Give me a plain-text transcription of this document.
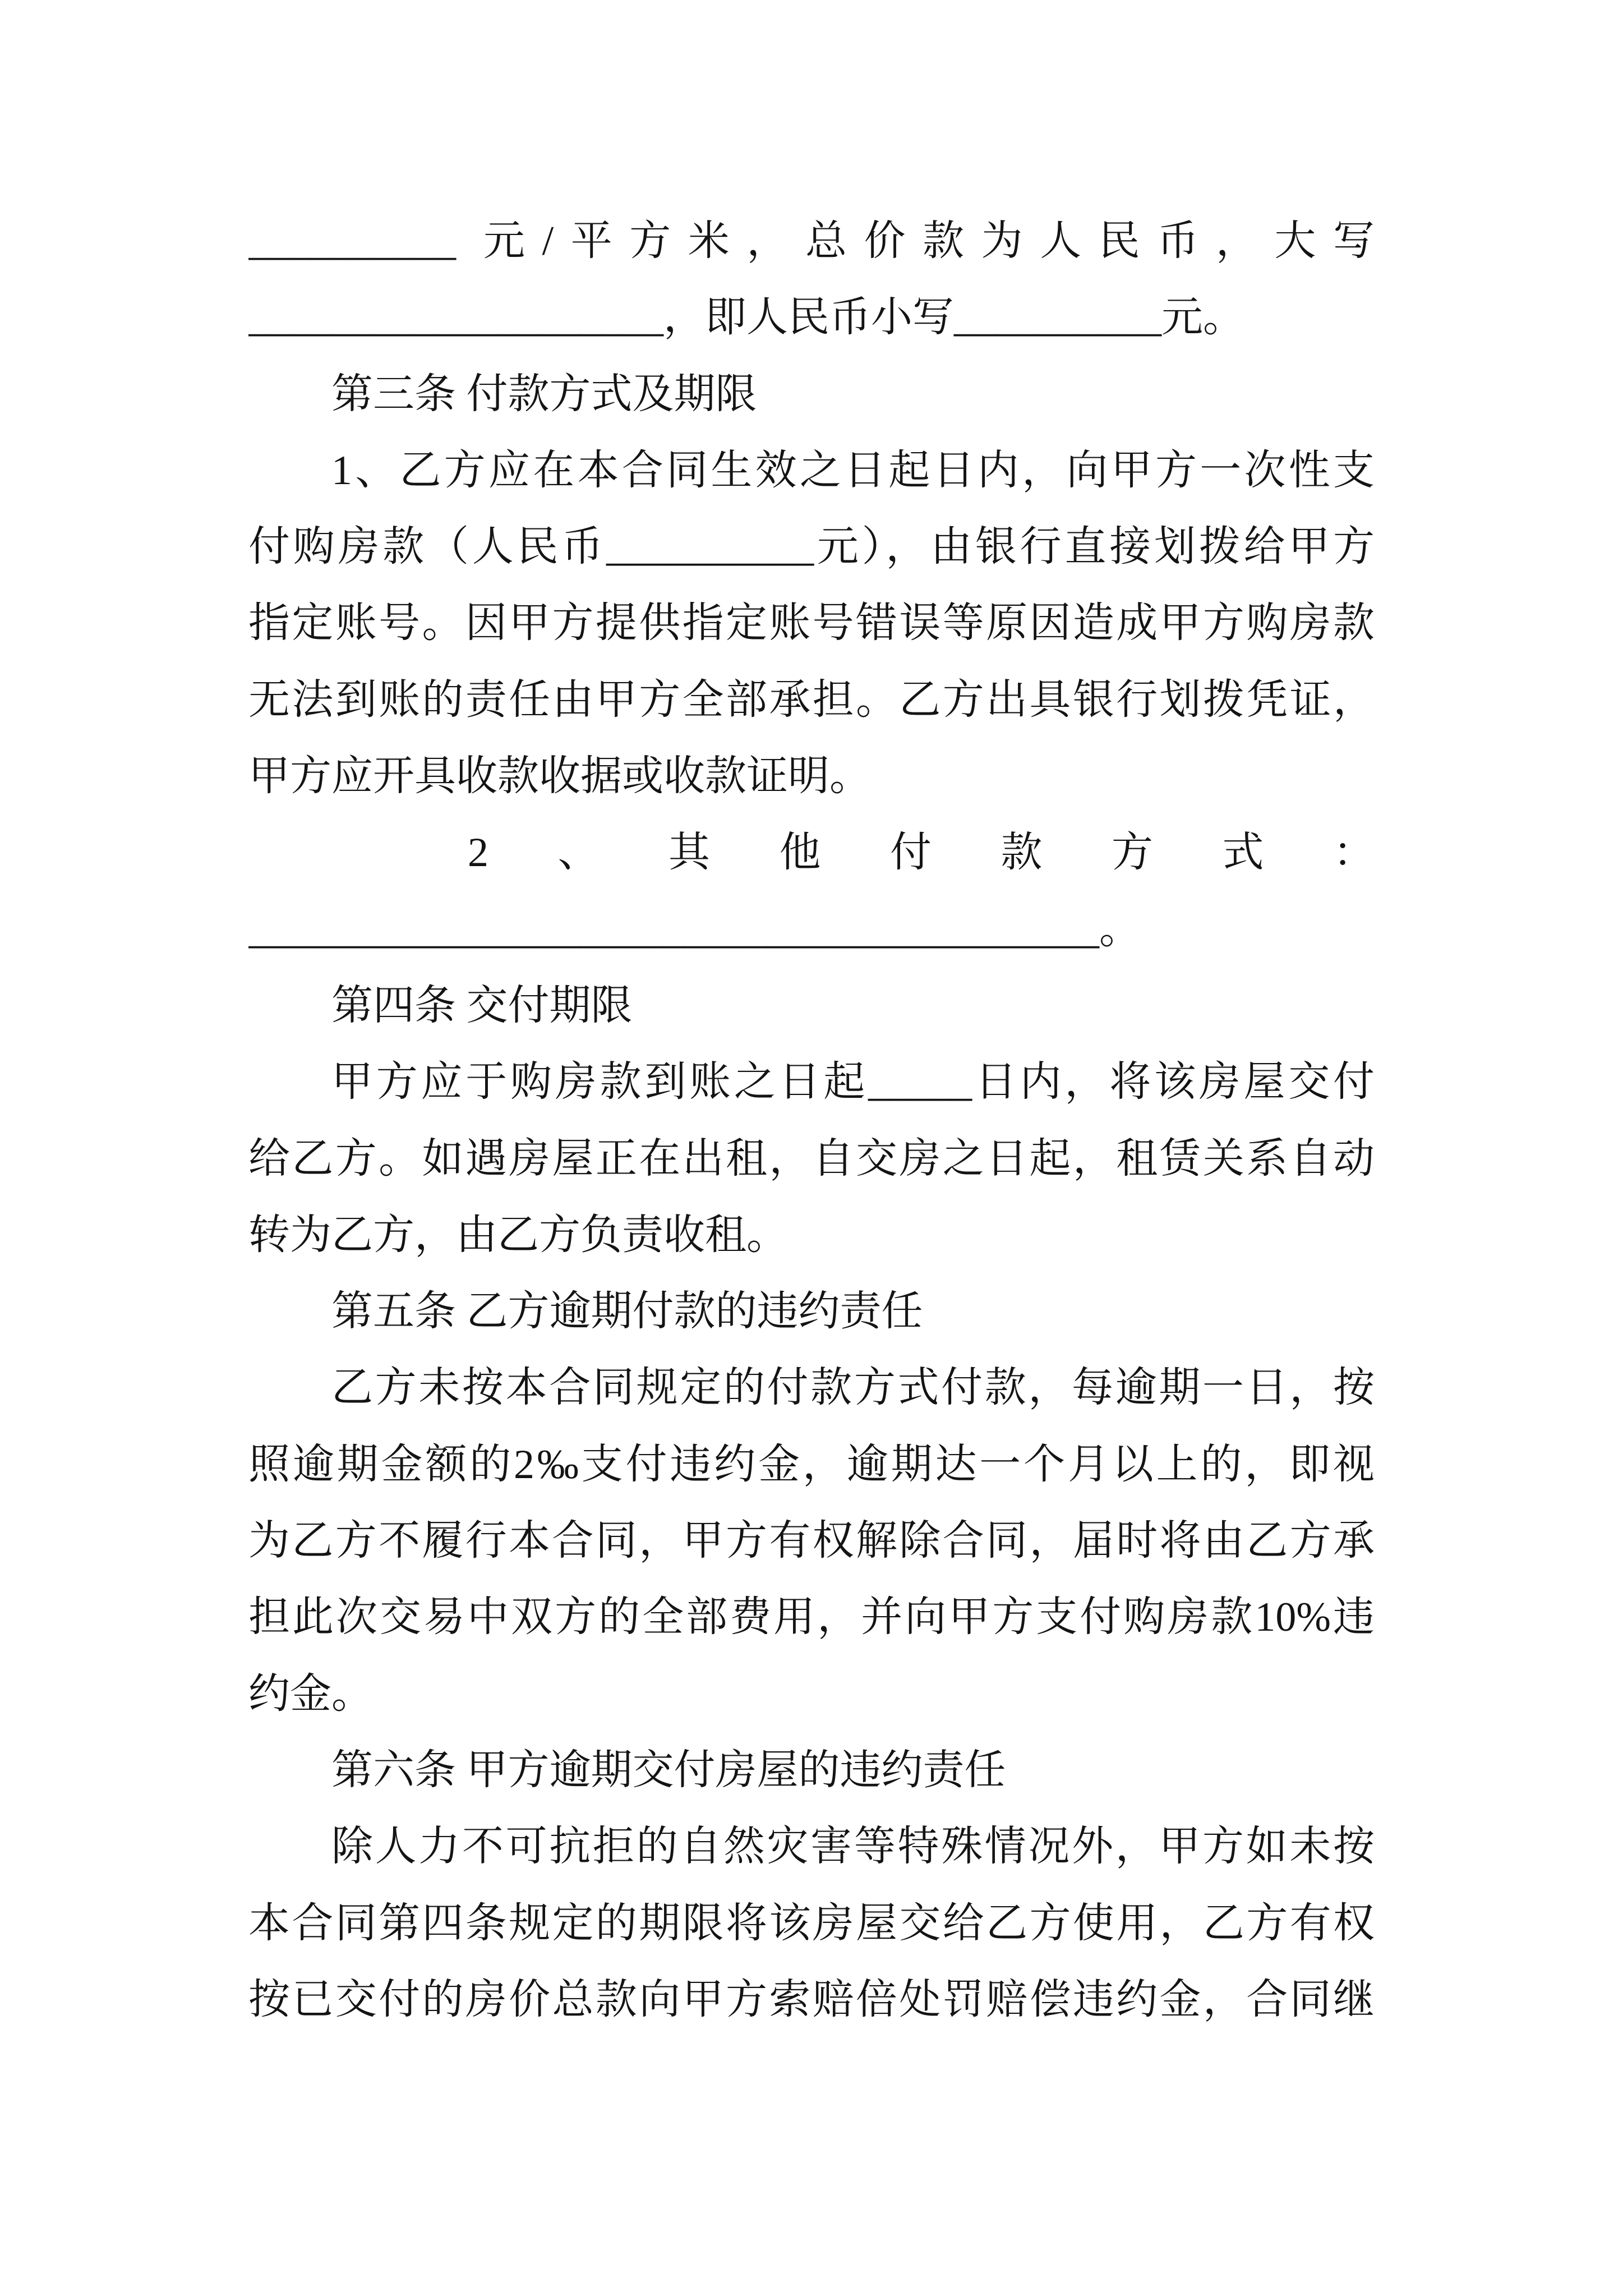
__________ 元/平方米，总价款为人民币，大写
____________________，即人民币小写__________元。
第三条 付款方式及期限
1、乙方应在本合同生效之日起日内，向甲方一次性支
付购房款（人民币__________元），由银行直接划拨给甲方
指定账号。因甲方提供指定账号错误等原因造成甲方购房款
无法到账的责任由甲方全部承担。乙方出具银行划拨凭证，
甲方应开具收款收据或收款证明。
2 、 其 他 付 款 方 式 ：
_________________________________________。
第四条 交付期限
甲方应于购房款到账之日起_____日内，将该房屋交付
给乙方。如遇房屋正在出租，自交房之日起，租赁关系自动
转为乙方，由乙方负责收租。
第五条 乙方逾期付款的违约责任
乙方未按本合同规定的付款方式付款，每逾期一日，按
照逾期金额的2‰支付违约金，逾期达一个月以上的，即视
为乙方不履行本合同，甲方有权解除合同，届时将由乙方承
担此次交易中双方的全部费用，并向甲方支付购房款10%违
约金。
第六条 甲方逾期交付房屋的违约责任
除人力不可抗拒的自然灾害等特殊情况外，甲方如未按
本合同第四条规定的期限将该房屋交给乙方使用，乙方有权
按已交付的房价总款向甲方索赔倍处罚赔偿违约金，合同继
